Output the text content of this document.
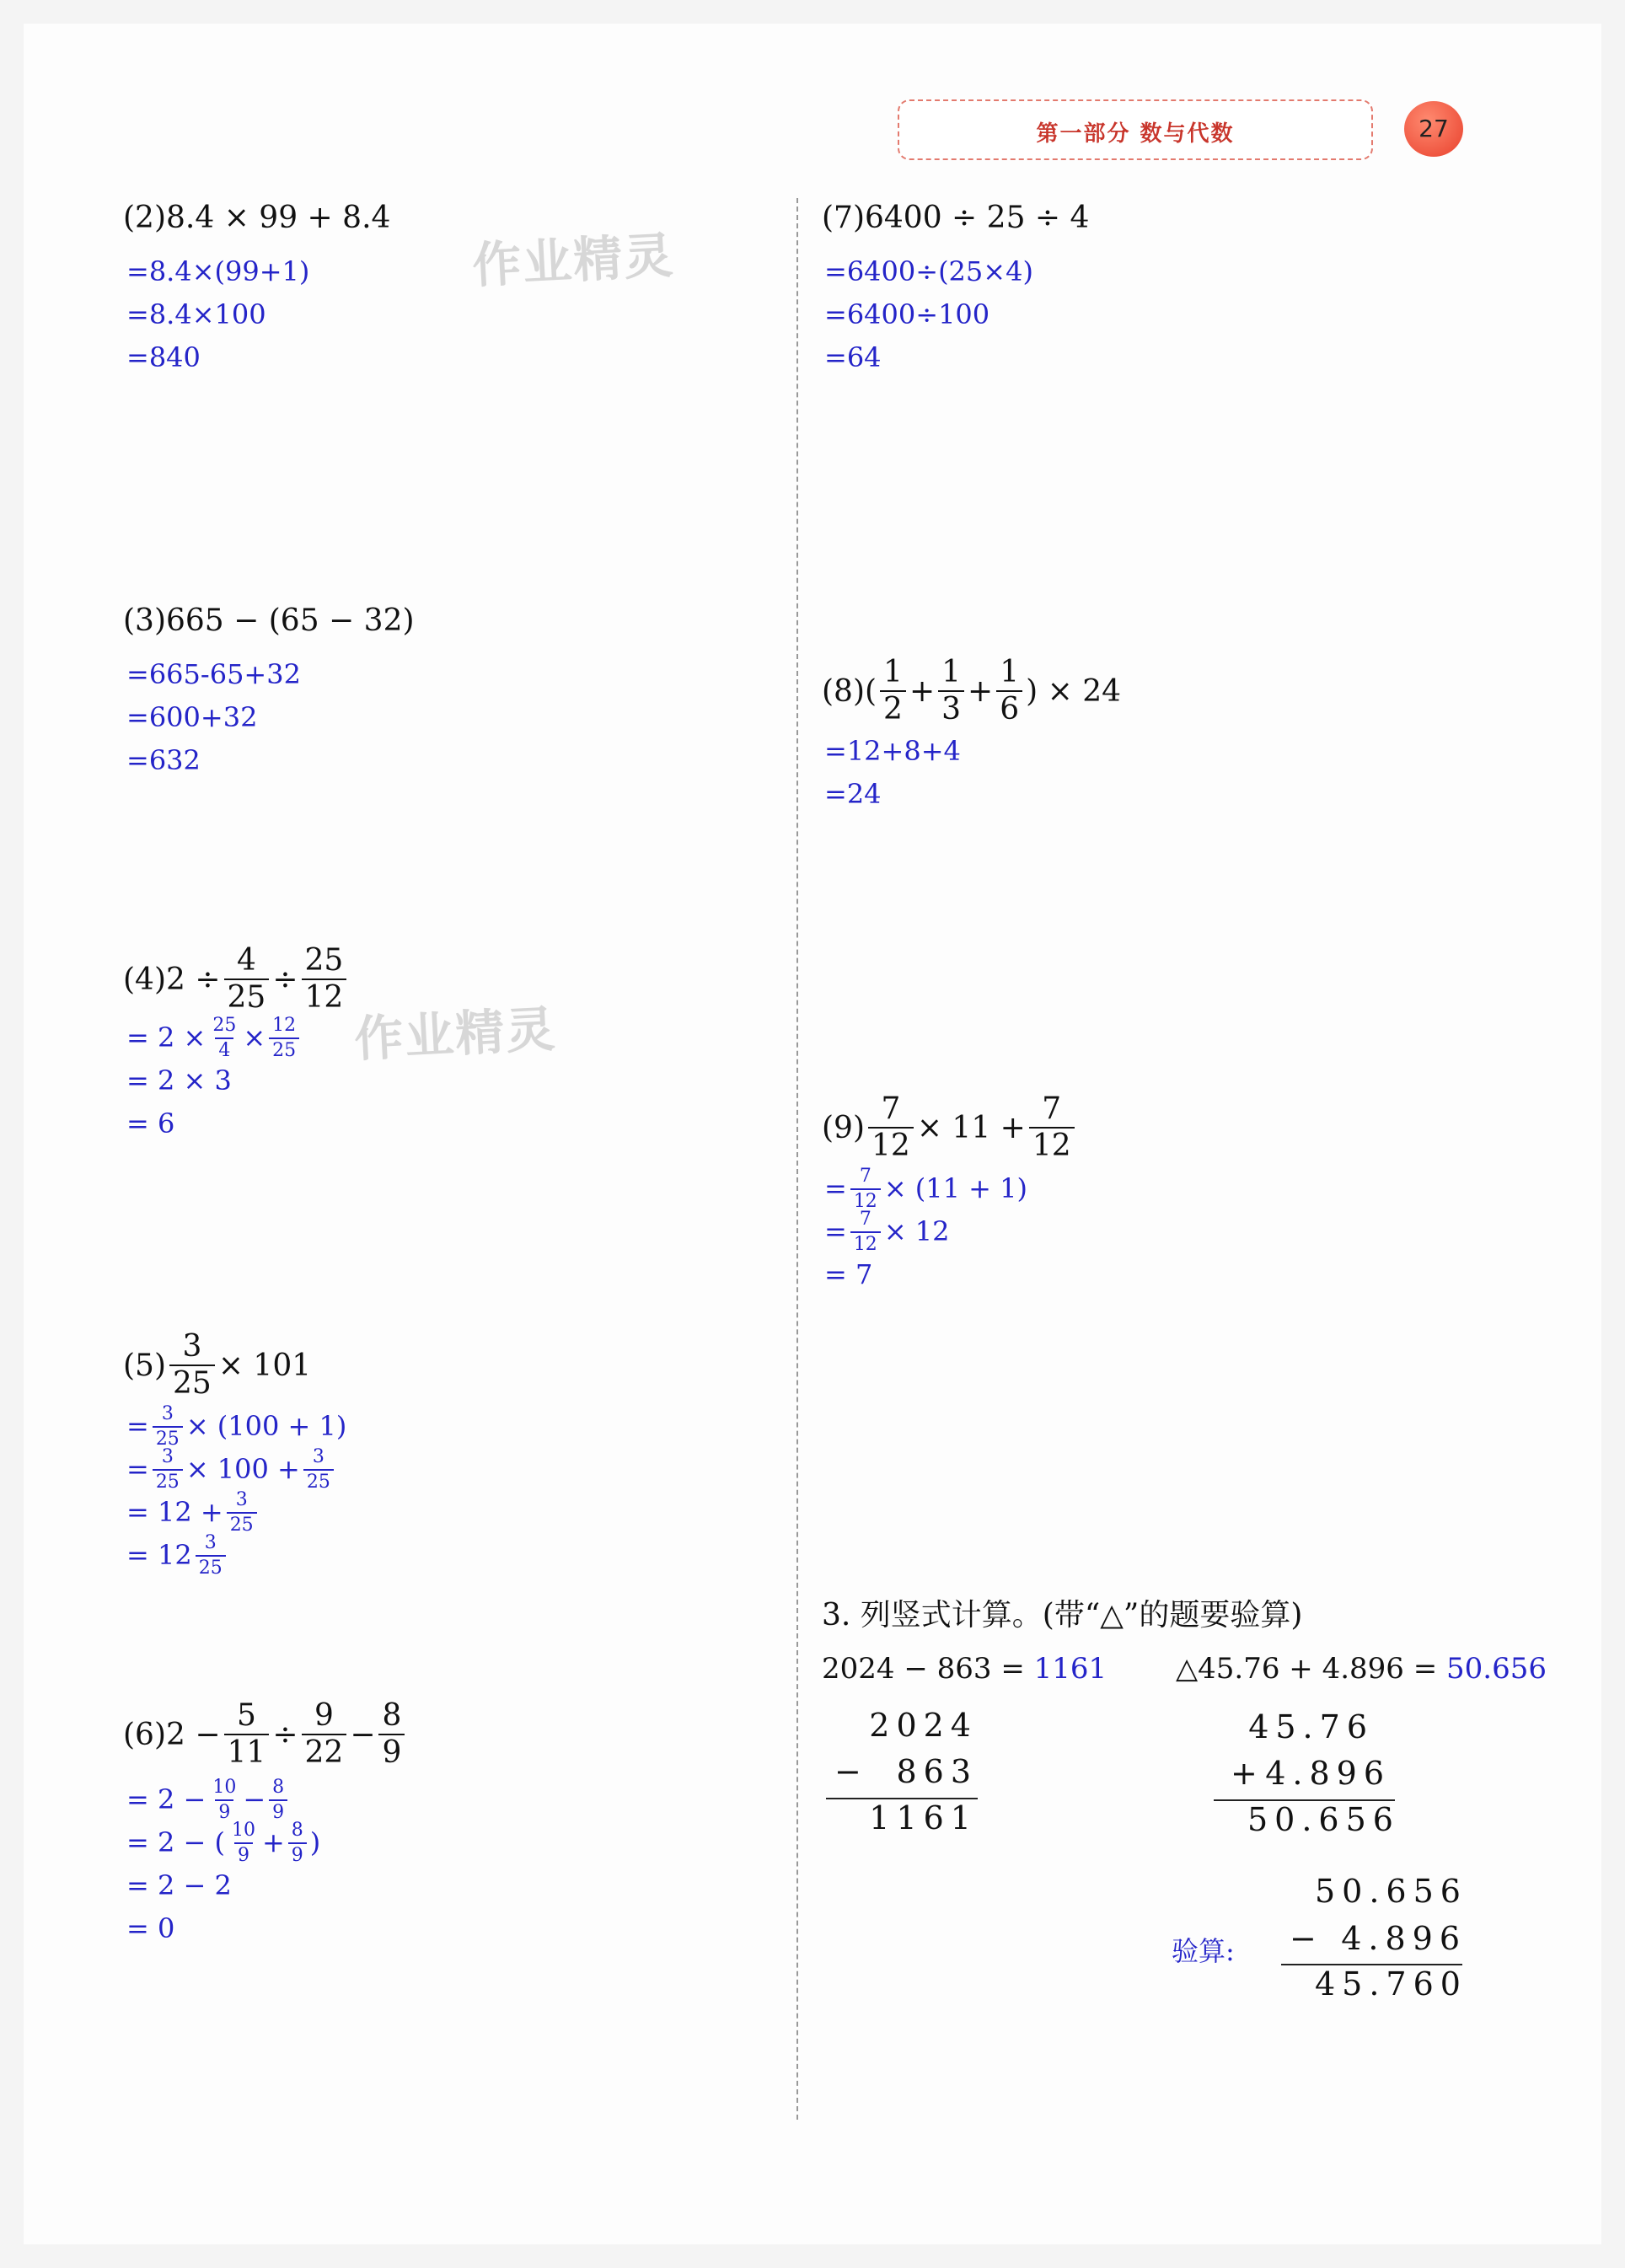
第一部分 数与代数	27
作业精灵
作业精灵
(2)8.4 × 99 + 8.4
=8.4×(99+1)
=8.4×100
=840
(3)665 − (65 − 32)
=665-65+32
=600+32
=632
(4) $2 \div \frac{4}{25} \div \frac{25}{12}$
= $2 \times \frac{25}{4} \times \frac{12}{25}$
= 2 × 3
= 6
$(5) \frac{3}{25} \times 101$
= $\frac{3}{25} \times (100 + 1)$
= $\frac{3}{25} \times 100 + \frac{3}{25}$
= $12 + \frac{3}{25}$
= $12 \frac{3}{25}$
(6) $2 - \frac{5}{11} \div \frac{9}{22} - \frac{8}{9}$
= $2 - \frac{10}{9} - \frac{8}{9}$
= 2 − ( $\frac{10}{9} + \frac{8}{9}$ )
= 2 − 2
= 0
(7)6400 ÷ 25 ÷ 4
=6400÷(25×4)
=6400÷100
=64
$(8)( \frac{1}{2} + \frac{1}{3} + \frac{1}{6}$ ) × 24
=12+8+4
=24
$(9) \frac{7}{12} \times 11 + \frac{7}{12}$
= $\frac{7}{12} \times (11 + 1)$
= $\frac{7}{12} \times 12$
= 7
3. 列竖式计算。(带“△”的题要验算)
2024 − 863 = 1161 △45.76 + 4.896 = 50.656
2024
− 863
1161
45.76
+ 4.896
50.656
验算:
50.656
− 4.896
45.760
